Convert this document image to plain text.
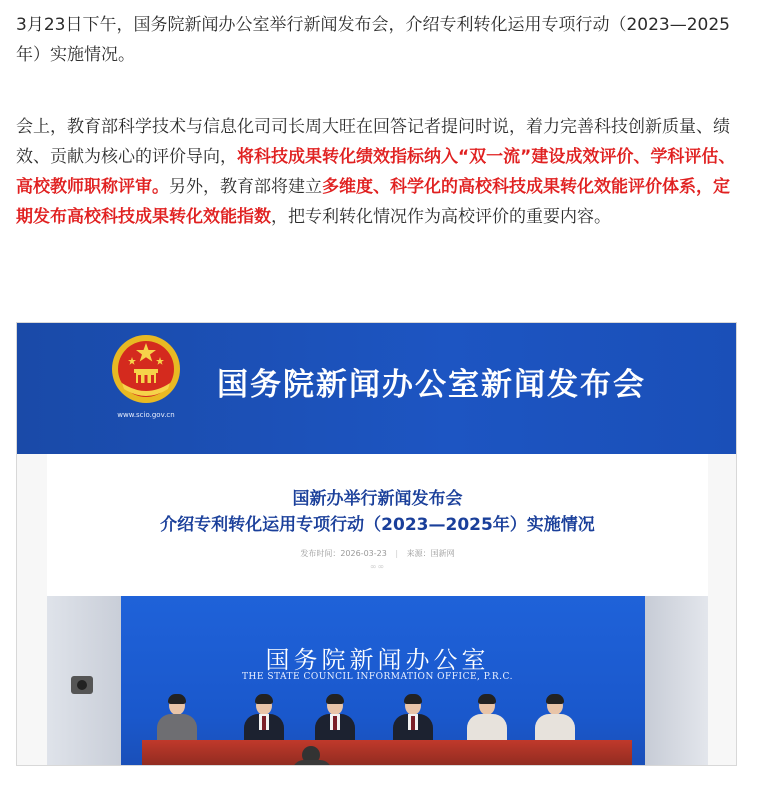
3月23日下午，国务院新闻办公室举行新闻发布会，介绍专利转化运用专项行动（2023—2025年）实施情况。

会上，教育部科学技术与信息化司司长周大旺在回答记者提问时说，着力完善科技创新质量、绩效、贡献为核心的评价导向，将科技成果转化绩效指标纳入“双一流”建设成效评价、学科评估、高校教师职称评审。另外，教育部将建立多维度、科学化的高校科技成果转化效能评价体系，定期发布高校科技成果转化效能指数，把专利转化情况作为高校评价的重要内容。

www.scio.gov.cn
国务院新闻办公室新闻发布会
国新办举行新闻发布会
介绍专利转化运用专项行动（2023—2025年）实施情况
发布时间：2026-03-23 | 来源：国新网
∞∞
国务院新闻办公室
THE STATE COUNCIL INFORMATION OFFICE, P.R.C.
